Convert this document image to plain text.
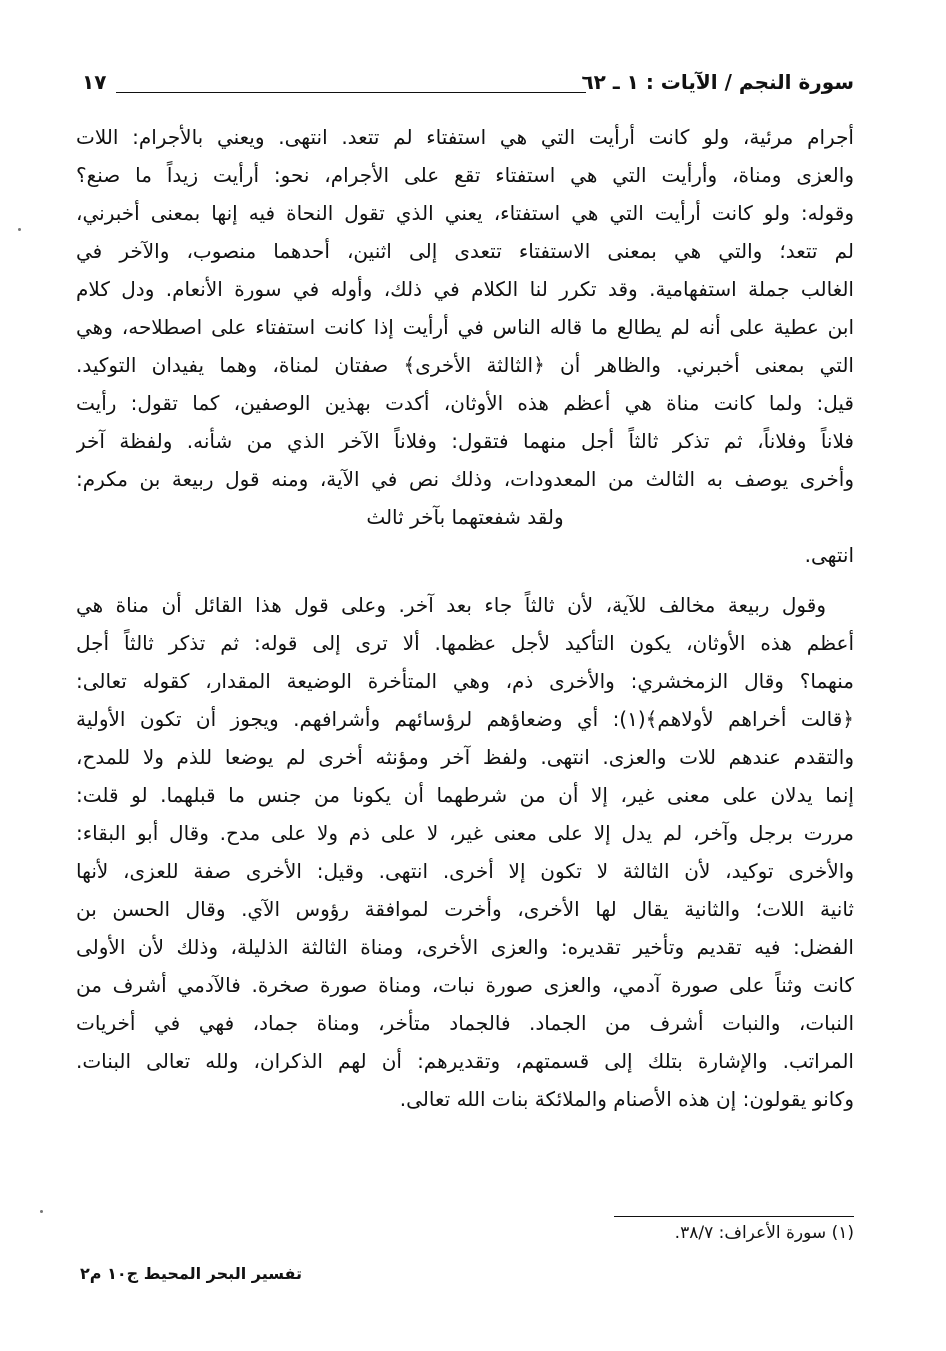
سورة النجم / الآيات : ١ ـ ٦٢
١٧
أجرام مرئية، ولو كانت أرأيت التي هي استفتاء لم تتعد. انتهى. ويعني بالأجرام: اللات
والعزى ومناة، وأرأيت التي هي استفتاء تقع على الأجرام، نحو: أرأيت زيداً ما صنع؟
وقوله: ولو كانت أرأيت التي هي استفتاء، يعني الذي تقول النحاة فيه إنها بمعنى أخبرني،
لم تتعد؛ والتي هي بمعنى الاستفتاء تتعدى إلى اثنين، أحدهما منصوب، والآخر في
الغالب جملة استفهامية. وقد تكرر لنا الكلام في ذلك، وأوله في سورة الأنعام. ودل كلام
ابن عطية على أنه لم يطالع ما قاله الناس في أرأيت إذا كانت استفتاء على اصطلاحه، وهي
التي بمعنى أخبرني. والظاهر أن ﴿الثالثة الأخرى﴾ صفتان لمناة، وهما يفيدان التوكيد.
قيل: ولما كانت مناة هي أعظم هذه الأوثان، أكدت بهذين الوصفين، كما تقول: رأيت
فلاناً وفلاناً، ثم تذكر ثالثاً أجل منهما فتقول: وفلاناً الآخر الذي من شأنه. ولفظة آخر
وأخرى يوصف به الثالث من المعدودات، وذلك نص في الآية، ومنه قول ربيعة بن مكرم:
ولقد شفعتهما بآخر ثالث
انتهى.
وقول ربيعة مخالف للآية، لأن ثالثاً جاء بعد آخر. وعلى قول هذا القائل أن مناة هي
أعظم هذه الأوثان، يكون التأكيد لأجل عظمها. ألا ترى إلى قوله: ثم تذكر ثالثاً أجل
منهما؟ وقال الزمخشري: والأخرى ذم، وهي المتأخرة الوضيعة المقدار، كقوله تعالى:
﴿قالت أخراهم لأولاهم﴾(١): أي وضعاؤهم لرؤسائهم وأشرافهم. ويجوز أن تكون الأولية
والتقدم عندهم للات والعزى. انتهى. ولفظ آخر ومؤنثه أخرى لم يوضعا للذم ولا للمدح،
إنما يدلان على معنى غير، إلا أن من شرطهما أن يكونا من جنس ما قبلهما. لو قلت:
مررت برجل وآخر، لم يدل إلا على معنى غير، لا على ذم ولا على مدح. وقال أبو البقاء:
والأخرى توكيد، لأن الثالثة لا تكون إلا أخرى. انتهى. وقيل: الأخرى صفة للعزى، لأنها
ثانية اللات؛ والثانية يقال لها الأخرى، وأخرت لموافقة رؤوس الآي. وقال الحسن بن
الفضل: فيه تقديم وتأخير تقديره: والعزى الأخرى، ومناة الثالثة الذليلة، وذلك لأن الأولى
كانت وثناً على صورة آدمي، والعزى صورة نبات، ومناة صورة صخرة. فالآدمي أشرف من
النبات، والنبات أشرف من الجماد. فالجماد متأخر، ومناة جماد، فهي في أخريات
المراتب. والإشارة بتلك إلى قسمتهم، وتقديرهم: أن لهم الذكران، ولله تعالى البنات.
وكانو يقولون: إن هذه الأصنام والملائكة بنات الله تعالى.
(١) سورة الأعراف: ٣٨/٧.
تفسير البحر المحيط ج١٠ م٢
